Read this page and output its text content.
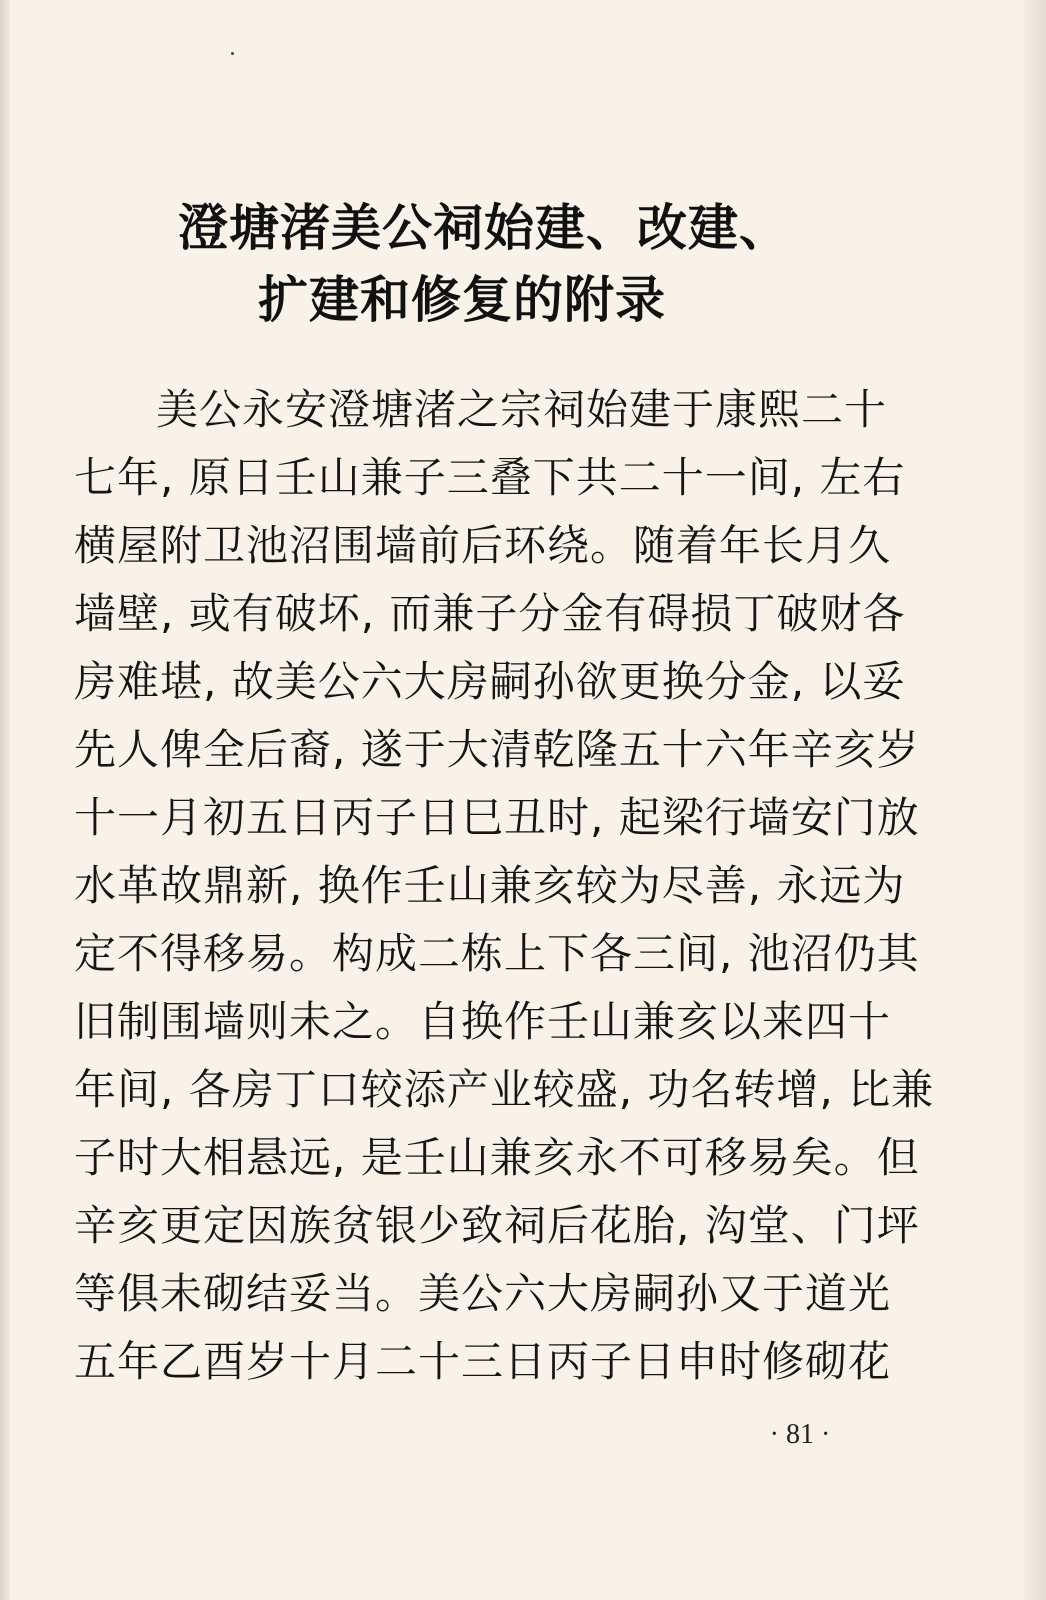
澄塘渚美公祠始建、改建、
扩建和修复的附录
美公永安澄塘渚之宗祠始建于康熙二十
七年, 原日壬山兼子三叠下共二十一间, 左右
横屋附卫池沼围墙前后环绕。随着年长月久
墙壁, 或有破坏, 而兼子分金有碍损丁破财各
房难堪, 故美公六大房嗣孙欲更换分金, 以妥
先人俾全后裔, 遂于大清乾隆五十六年辛亥岁
十一月初五日丙子日巳丑时, 起梁行墙安门放
水革故鼎新, 换作壬山兼亥较为尽善, 永远为
定不得移易。构成二栋上下各三间, 池沼仍其
旧制围墙则未之。自换作壬山兼亥以来四十
年间, 各房丁口较添产业较盛, 功名转增, 比兼
子时大相悬远, 是壬山兼亥永不可移易矣。但
辛亥更定因族贫银少致祠后花胎, 沟堂、门坪
等俱未砌结妥当。美公六大房嗣孙又于道光
五年乙酉岁十月二十三日丙子日申时修砌花
· 81 ·
